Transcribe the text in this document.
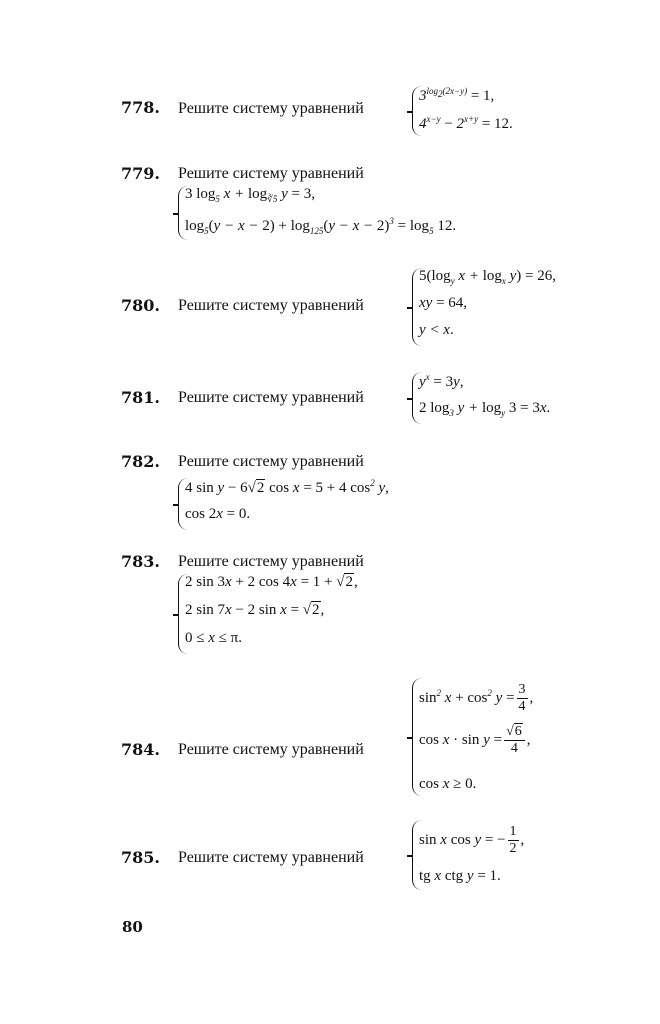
778. Решите систему уравнений
$3^{log_2(2x-y)} = 1$,
$4^{x-y} - 2^{x+y} = 12$.
779. Решите систему уравнений
3 $\log_5 x + \log_{∛5} y = 3$,
$\log_5(y - x - 2) + \log_{125}(y - x - 2)^3 = \log_5 12$.
780. Решите систему уравнений
$5(\log_y$ $x + \log_x y) = 26$,
xy = 64,
y < x.
781. Решите систему уравнений
$y^x = 3y$,
2 $\log_3 y + \log_y 3 = 3x$.
782. Решите систему уравнений
4 sin y − 6√2 cos x = 5 + 4 $\cos^2 y$,
cos 2x = 0.
783. Решите систему уравнений
2 sin 3x + 2 cos 4x = 1 + √2,
2 sin 7x − 2 sin x = √2,
0 ≤ x ≤ π.
784. Решите систему уравнений
$\sin^2 x + \cos^2 y = \frac{3}{4}$ ,
$\cos x \cdot \sin y = \frac{√6}{4}$ ,
cos x ≥ 0.
785. Решите систему уравнений
sin x cos y = − $\frac{1}{2}$ ,
tg x ctg y = 1.
80
